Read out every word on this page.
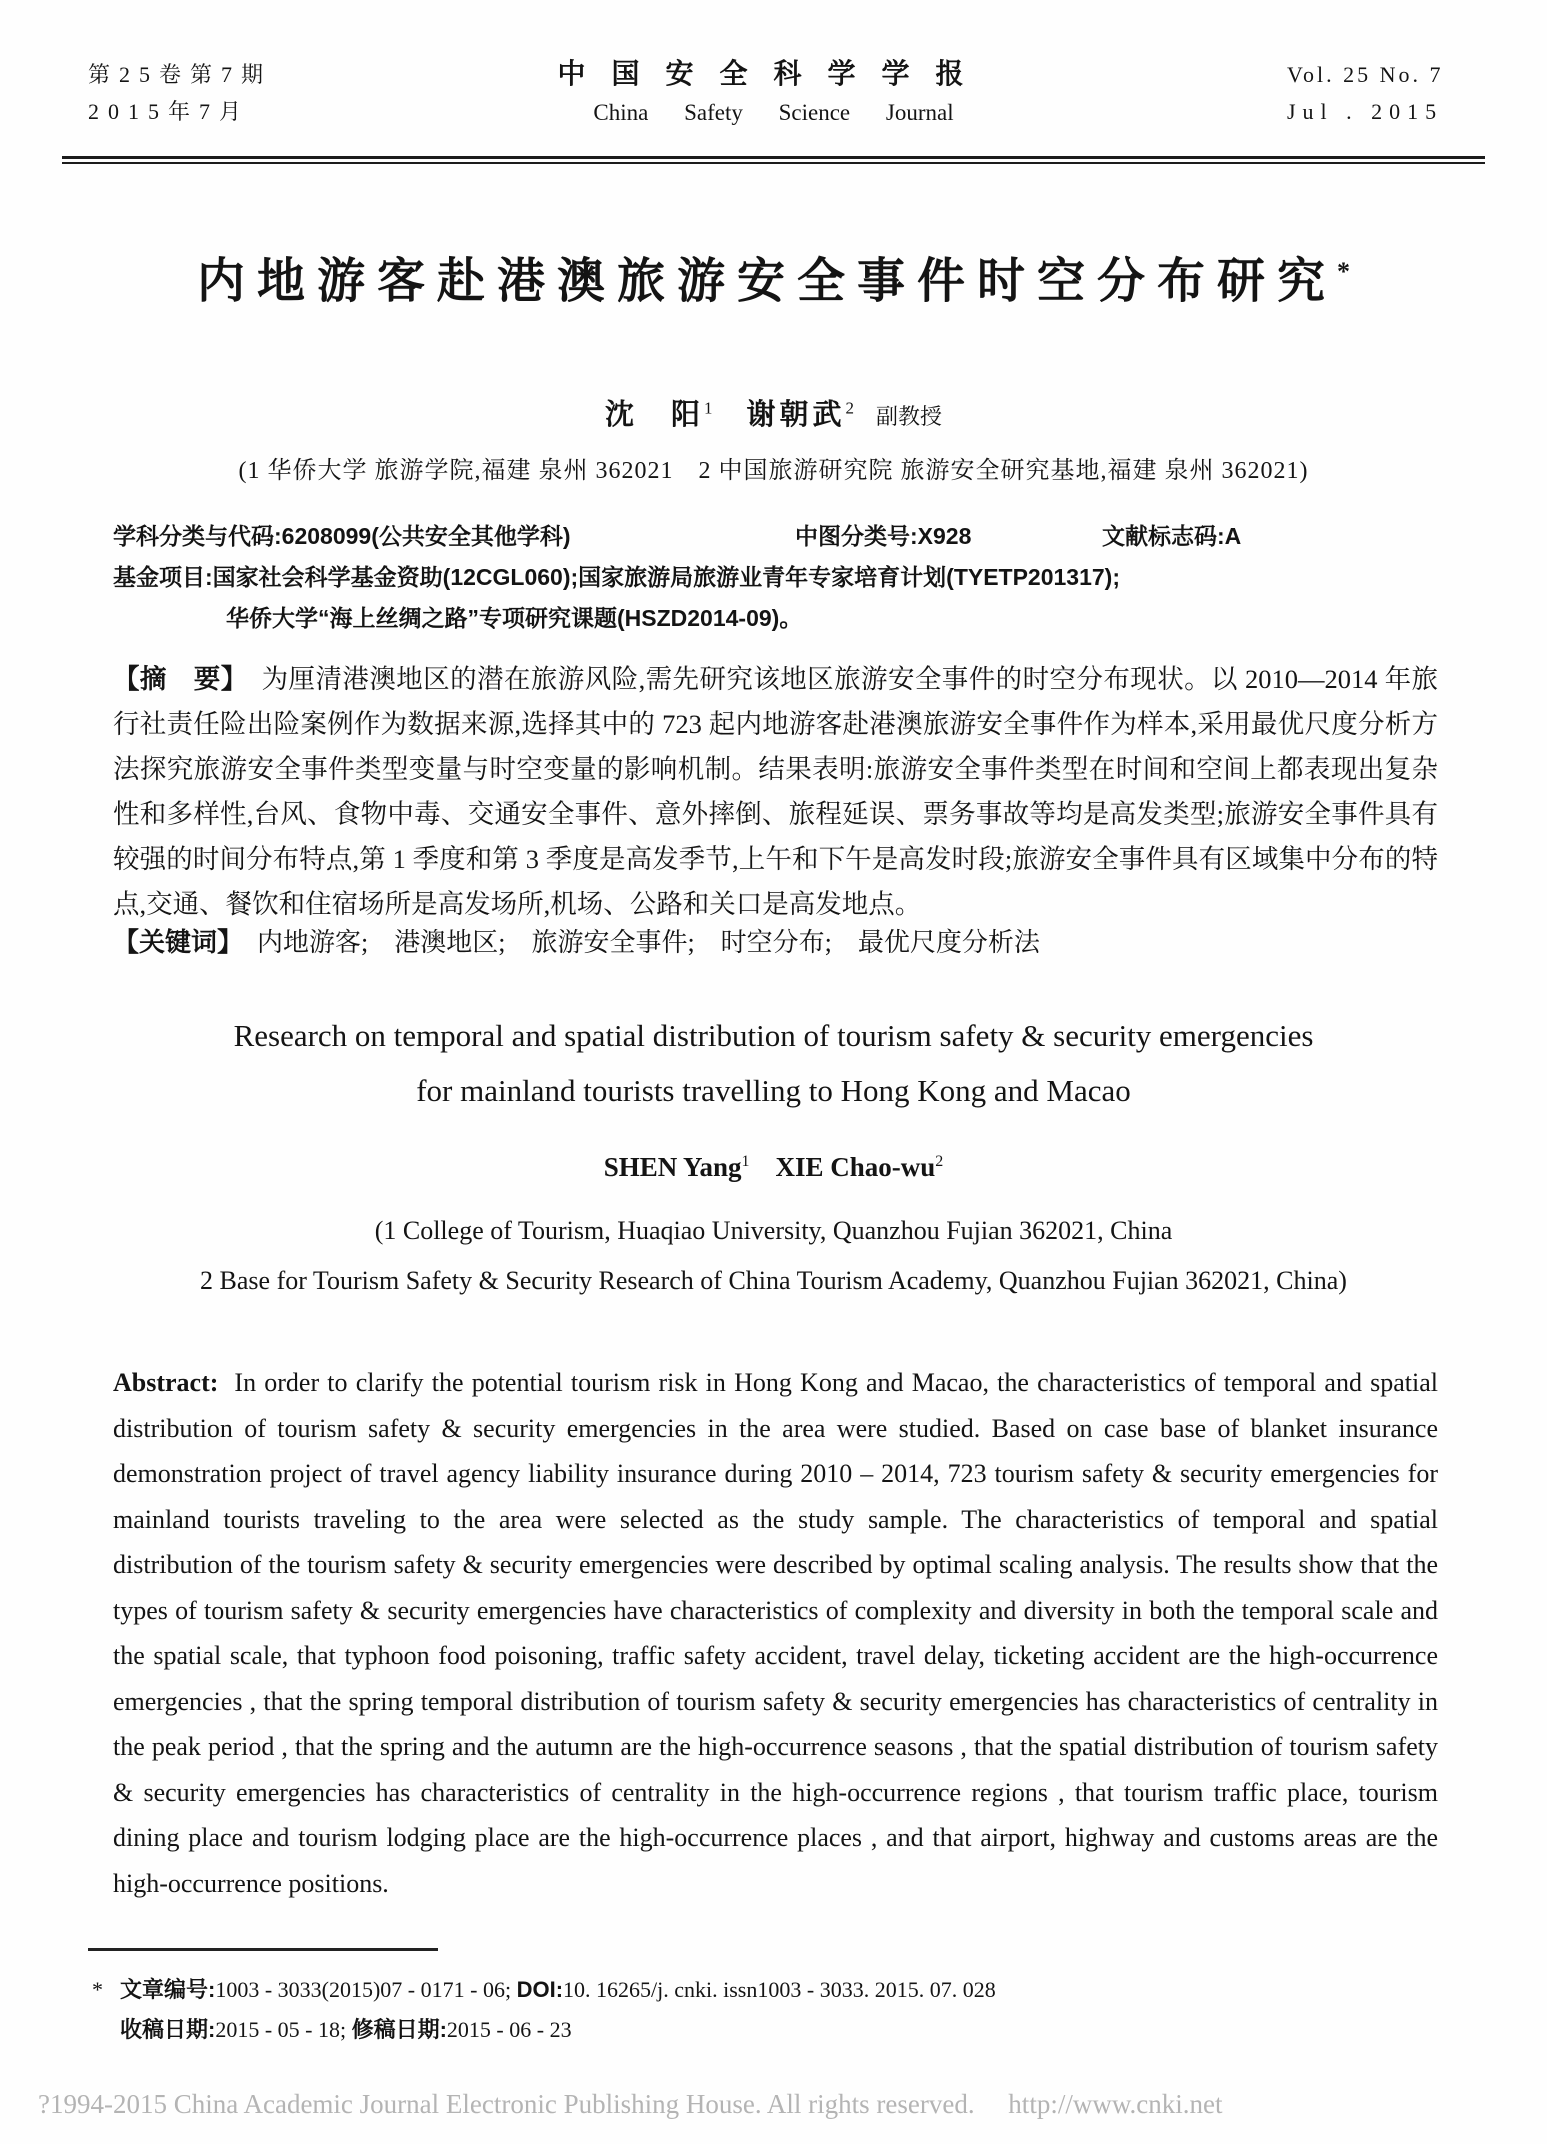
第25卷第7期
2015年7月
中国安全科学学报
China Safety Science Journal
Vol. 25 No. 7
Jul . 2015
内地游客赴港澳旅游安全事件时空分布研究*
沈　阳$^1$ 谢朝武$^2$ 副教授
(1 华侨大学 旅游学院,福建 泉州 362021　2 中国旅游研究院 旅游安全研究基地,福建 泉州 362021)
学科分类与代码:6208099(公共安全其他学科)	中图分类号:X928	文献标志码:A
基金项目:国家社会科学基金资助(12CGL060);国家旅游局旅游业青年专家培育计划(TYETP201317);
华侨大学“海上丝绸之路”专项研究课题(HSZD2014-09)。

【摘　要】 为厘清港澳地区的潜在旅游风险,需先研究该地区旅游安全事件的时空分布现状。以 2010—2014 年旅行社责任险出险案例作为数据来源,选择其中的 723 起内地游客赴港澳旅游安全事件作为样本,采用最优尺度分析方法探究旅游安全事件类型变量与时空变量的影响机制。结果表明:旅游安全事件类型在时间和空间上都表现出复杂性和多样性,台风、食物中毒、交通安全事件、意外摔倒、旅程延误、票务事故等均是高发类型;旅游安全事件具有较强的时间分布特点,第 1 季度和第 3 季度是高发季节,上午和下午是高发时段;旅游安全事件具有区域集中分布的特点,交通、餐饮和住宿场所是高发场所,机场、公路和关口是高发地点。

【关键词】 内地游客;　港澳地区;　旅游安全事件;　时空分布;　最优尺度分析法
Research on temporal and spatial distribution of tourism safety & security emergencies
for mainland tourists travelling to Hong Kong and Macao
SHEN Yang$^1$ XIE Chao-$wu^2$
(1 College of Tourism, Huaqiao University, Quanzhou Fujian 362021, China
2 Base for Tourism Safety & Security Research of China Tourism Academy, Quanzhou Fujian 362021, China)

Abstract: In order to clarify the potential tourism risk in Hong Kong and Macao, the characteristics of temporal and spatial distribution of tourism safety & security emergencies in the area were studied. Based on case base of blanket insurance demonstration project of travel agency liability insurance during 2010 – 2014, 723 tourism safety & security emergencies for mainland tourists traveling to the area were selected as the study sample. The characteristics of temporal and spatial distribution of the tourism safety & security emergencies were described by optimal scaling analysis. The results show that the types of tourism safety & security emergencies have characteristics of complexity and diversity in both the temporal scale and the spatial scale, that typhoon food poisoning, traffic safety accident, travel delay, ticketing accident are the high-occurrence emergencies , that the spring temporal distribution of tourism safety & security emergencies has characteristics of centrality in the peak period , that the spring and the autumn are the high-occurrence seasons , that the spatial distribution of tourism safety & security emergencies has characteristics of centrality in the high-occurrence regions , that tourism traffic place, tourism dining place and tourism lodging place are the high-occurrence places , and that airport, highway and customs areas are the high-occurrence positions.

* 文章编号:1003 - 3033(2015)07 - 0171 - 06; DOI:10. 16265/j. cnki. issn1003 - 3033. 2015. 07. 028
收稿日期:2015 - 05 - 18; 修稿日期:2015 - 06 - 23
?1994-2015 China Academic Journal Electronic Publishing House. All rights reserved.　 http://www.cnki.net
